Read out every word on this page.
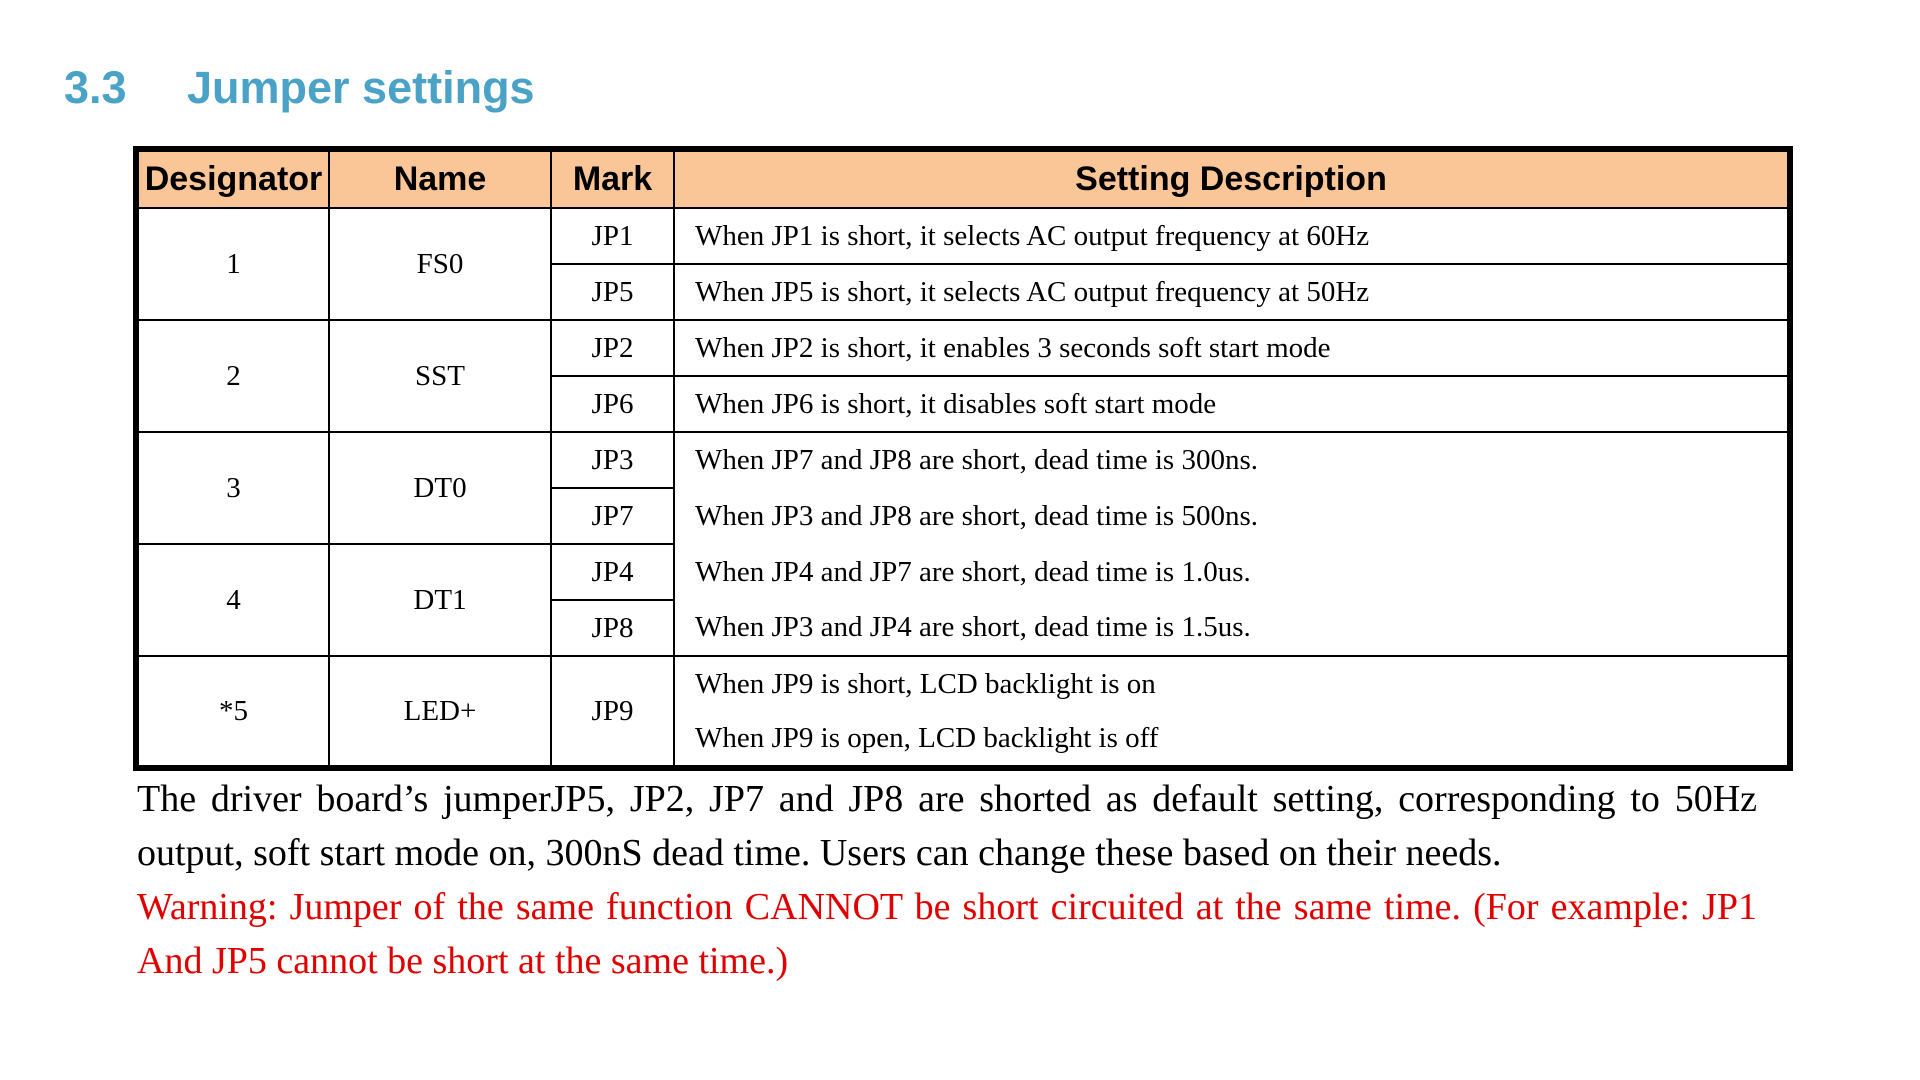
3.3 Jumper settings
Designator	Name	Mark	Setting Description
1	FS0	JP1	When JP1 is short, it selects AC output frequency at 60Hz
		JP5	When JP5 is short, it selects AC output frequency at 50Hz
2	SST	JP2	When JP2 is short, it enables 3 seconds soft start mode
		JP6	When JP6 is short, it disables soft start mode
3	DT0	JP3	When JP7 and JP8 are short, dead time is 300ns.
		JP7	When JP3 and JP8 are short, dead time is 500ns.
4	DT1	JP4	When JP4 and JP7 are short, dead time is 1.0us.
		JP8	When JP3 and JP4 are short, dead time is 1.5us.
*5	LED+	JP9	When JP9 is short, LCD backlight is on
When JP9 is open, LCD backlight is off
The driver board’s jumperJP5, JP2, JP7 and JP8 are shorted as default setting, corresponding to 50Hz output, soft start mode on, 300nS dead time. Users can change these based on their needs.
Warning: Jumper of the same function CANNOT be short circuited at the same time. (For example: JP1 And JP5 cannot be short at the same time.)
